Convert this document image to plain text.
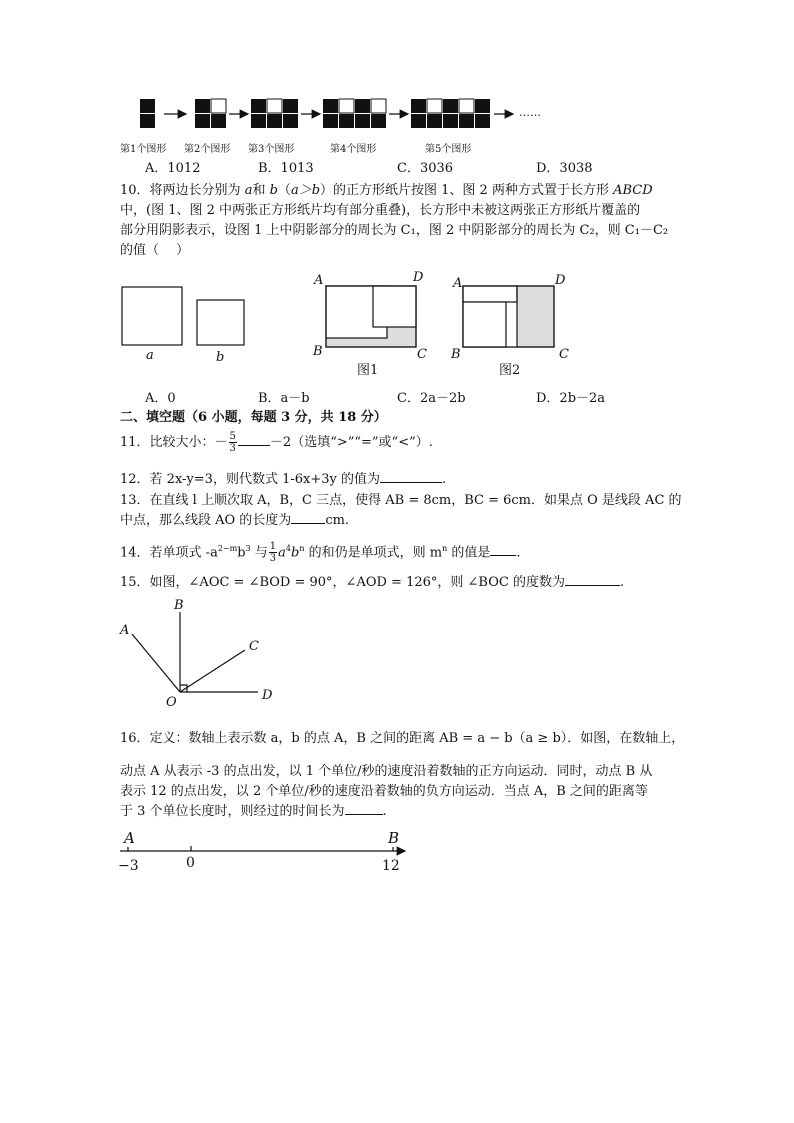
第1个图形 第2个图形 第3个图形	第4个图形	第5个图形
……
A．1012	B．1013	C．3036	D．3038
10．将两边长分别为 a和 b（a＞b）的正方形纸片按图 1、图 2 两种方式置于长方形 ABCD
中，(图 1、图 2 中两张正方形纸片均有部分重叠)，长方形中未被这两张正方形纸片覆盖的
部分用阴影表示，设图 1 上中阴影部分的周长为 C₁，图 2 中阴影部分的周长为 C₂，则 C₁－C₂
的值（　 ）
a	b
A	D
B	C
图1
A	D
B	C
图2
A．0	B．a－b	C．2a－2b	D．2b－2a
二、填空题（6 小题，每题 3 分，共 18 分）
11．比较大小：－ $\frac{5}{3}$	－2（选填“>”“=”或“<”）.
12．若 2x-y=3，则代数式 1-6x+3y 的值为	.
13．在直线 l 上顺次取 A，B，C 三点，使得 AB = 8cm，BC = 6cm．如果点 O 是线段 AC 的
中点，那么线段 AO 的长度为	cm.
14．若单项式 $-a^{2-m}b^3$ 与 $\frac{1}{3} a^4b^n$ 的和仍是单项式，则 $m^n$ 的值是 .
15．如图，∠AOC = ∠BOD = 90°，∠AOD = 126°，则 ∠BOC 的度数为	.
B
A
C
D
O
16．定义：数轴上表示数 a，b 的点 A，B 之间的距离 AB = a − b（a ≥ b）．如图，在数轴上，
动点 A 从表示 -3 的点出发，以 1 个单位/秒的速度沿着数轴的正方向运动．同时，动点 B 从
表示 12 的点出发，以 2 个单位/秒的速度沿着数轴的负方向运动．当点 A，B 之间的距离等
于 3 个单位长度时，则经过的时间长为	.
A	B
−3	0	12
